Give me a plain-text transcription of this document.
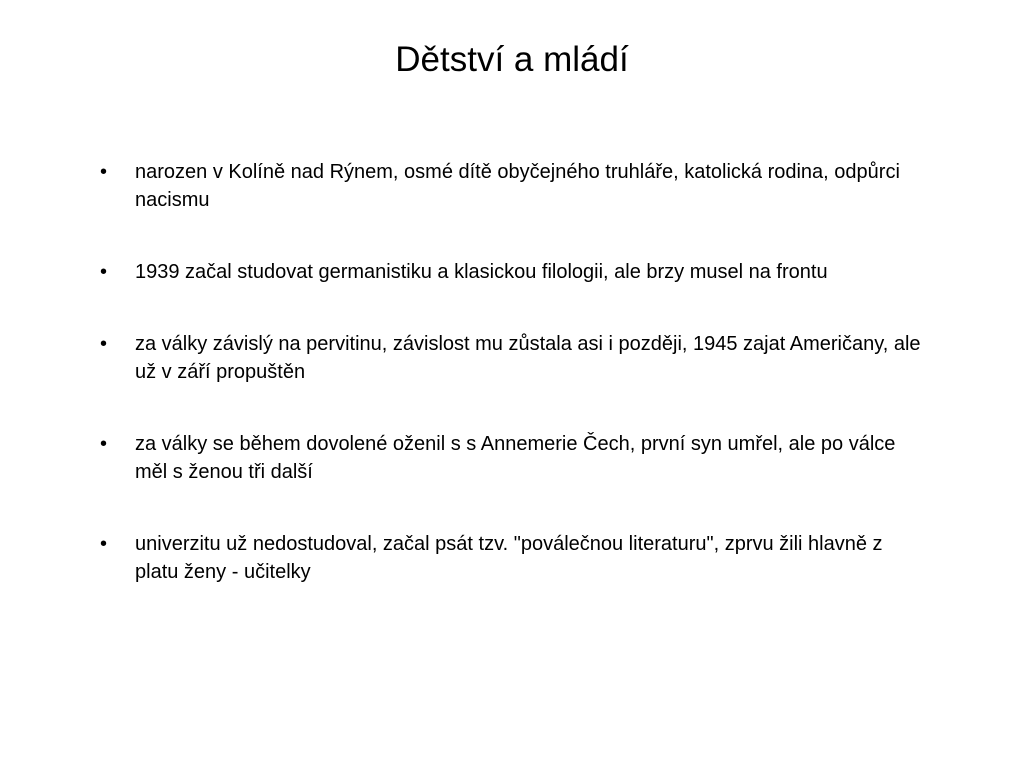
Dětství a mládí
•	narozen v Kolíně nad Rýnem, osmé dítě obyčejného truhláře, katolická rodina, odpůrci nacismu
•	1939 začal studovat germanistiku a klasickou filologii, ale brzy musel na frontu
•	za války závislý na pervitinu, závislost mu zůstala asi i později, 1945 zajat Američany, ale už v září propuštěn
•	za války se během dovolené oženil s s Annemerie Čech, první syn umřel, ale po válce měl s ženou tři další
•	univerzitu už nedostudoval, začal psát tzv. "poválečnou literaturu", zprvu žili hlavně z platu ženy - učitelky
